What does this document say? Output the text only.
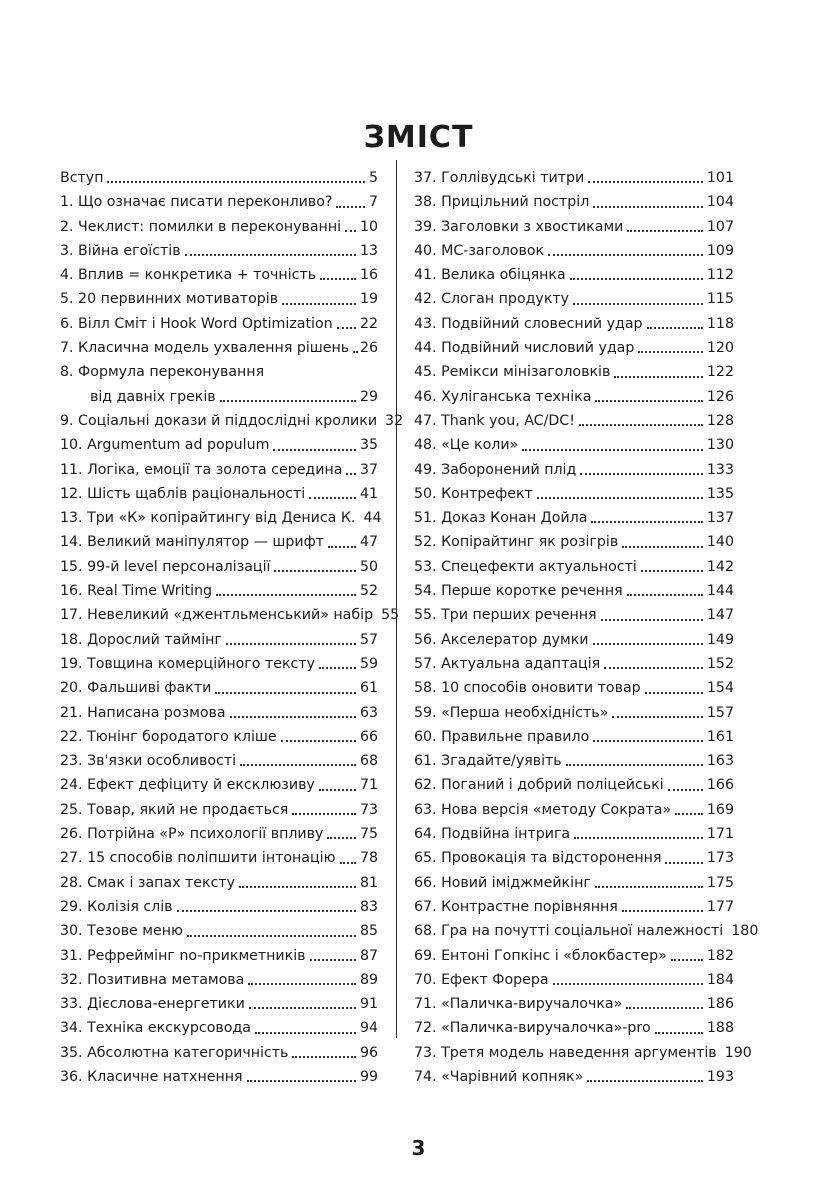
ЗМІСТ
Вступ	5
1. Що означає писати переконливо?	7
2. Чеклист: помилки в переконуванні 10
3. Війна егоїстів	13
4. Вплив = конкретика + точність	16
5. 20 первинних мотиваторів	19
6. Вілл Сміт і Hook Word Optimization 22
7. Класична модель ухвалення рішень 26
8. Формула переконування
від давніх греків	29
9. Соціальні докази й піддослідні кролики 32
10. Argumentum ad populum	35
11. Логіка, емоції та золота середина 37
12. Шість щаблів раціональності	41
13. Три «К» копірайтингу від Дениса К. 44
14. Великий маніпулятор — шрифт	47
15. 99-й level персоналізації	50
16. Real Time Writing	52
17. Невеликий «джентльменський» набір 55
18. Дорослий таймінг	57
19. Товщина комерційного тексту	59
20. Фальшиві факти	61
21. Написана розмова	63
22. Тюнінг бородатого кліше	66
23. Зв'язки особливості	68
24. Ефект дефіциту й ексклюзиву	71
25. Товар, який не продається	73
26. Потрійна «Р» психології впливу	75
27. 15 способів поліпшити інтонацію 78
28. Смак і запах тексту	81
29. Колізія слів	83
30. Тезове меню	85
31. Рефреймінг no-прикметників	87
32. Позитивна метамова	89
33. Дієслова-енергетики	91
34. Техніка екскурсовода	94
35. Абсолютна категоричність	96
36. Класичне натхнення	99
37. Голлівудські титри	101
38. Прицільний постріл	104
39. Заголовки з хвостиками	107
40. МС-заголовок	109
41. Велика обіцянка	112
42. Слоган продукту	115
43. Подвійний словесний удар	118
44. Подвійний числовий удар	120
45. Ремікси мінізаголовків	122
46. Хуліганська техніка	126
47. Thank you, AC/DC!	128
48. «Це коли»	130
49. Заборонений плід	133
50. Контрефект	135
51. Доказ Конан Дойла	137
52. Копірайтинг як розігрів	140
53. Спецефекти актуальності	142
54. Перше коротке речення	144
55. Три перших речення	147
56. Акселератор думки	149
57. Актуальна адаптація	152
58. 10 способів оновити товар	154
59. «Перша необхідність»	157
60. Правильне правило	161
61. Згадайте/уявіть	163
62. Поганий і добрий поліцейські	166
63. Нова версія «методу Сократа»	169
64. Подвійна інтрига	171
65. Провокація та відсторонення	173
66. Новий іміджмейкінг	175
67. Контрастне порівняння	177
68. Гра на почутті соціальної належності 180
69. Ентоні Гопкінс і «блокбастер»	182
70. Ефект Форера	184
71. «Паличка-виручалочка»	186
72. «Паличка-виручалочка»-pro	188
73. Третя модель наведення аргументів 190
74. «Чарівний копняк»	193
3
